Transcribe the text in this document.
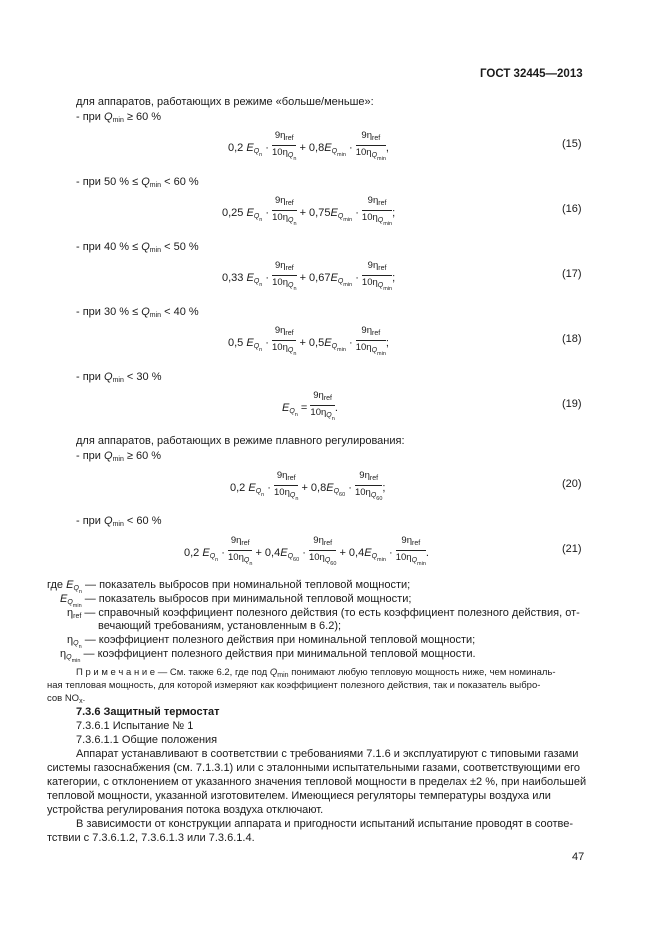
ГОСТ 32445—2013
для аппаратов, работающих в режиме «больше/меньше»:
- при $Q_{min} \ge 60$ %
0,2 $E_{Q_n} \cdot \frac{9\eta_{ref}}{10\eta_{Q_n}} + 0,8E_{Q_{min}} \cdot \frac{9\eta_{ref}}{10\eta_{Q_{min}}}$ ,	(15)
- при 50 % ≤ $Q_{min} < 60$ %
0,25 $E_{Q_n} \cdot \frac{9\eta_{ref}}{10\eta_{Q_n}} + 0,75E_{Q_{min}} \cdot \frac{9\eta_{ref}}{10\eta_{Q_{min}}}$ ;	(16)
- при 40 % ≤ $Q_{min} < 50$ %
0,33 $E_{Q_n} \cdot \frac{9\eta_{ref}}{10\eta_{Q_n}} + 0,67E_{Q_{min}} \cdot \frac{9\eta_{ref}}{10\eta_{Q_{min}}}$ ;	(17)
- при 30 % ≤ $Q_{min} < 40$ %
0,5 $E_{Q_n} \cdot \frac{9\eta_{ref}}{10\eta_{Q_n}} + 0,5E_{Q_{min}} \cdot \frac{9\eta_{ref}}{10\eta_{Q_{min}}}$ ;	(18)
- при $Q_{min} < 30$ %
$E_{Q_n} = \frac{9\eta_{ref}}{10\eta_{Q_n}}$ .	(19)
для аппаратов, работающих в режиме плавного регулирования:
- при $Q_{min} \ge 60$ %
0,2 $E_{Q_n} \cdot \frac{9\eta_{ref}}{10\eta_{Q_n}} + 0,8E_{Q_{60}} \cdot \frac{9\eta_{ref}}{10\eta_{Q_{60}}}$ ;	(20)
- при $Q_{min} < 60$ %
0,2 $E_{Q_n} \cdot \frac{9\eta_{ref}}{10\eta_{Q_n}} + 0,4E_{Q_{60}} \cdot \frac{9\eta_{ref}}{10\eta_{Q_{60}}} + 0,4E_{Q_{min}} \cdot \frac{9\eta_{ref}}{10\eta_{Q_{min}}}$ .	(21)
где $E_{Q_n}$ — показатель выбросов при номинальной тепловой мощности;
$E_{Q_{min}}$ — показатель выбросов при минимальной тепловой мощности;
$\eta_{ref}$ — справочный коэффициент полезного действия (то есть коэффициент полезного действия, от-
вечающий требованиям, установленным в 6.2);
$\eta_{Q_n}$ — коэффициент полезного действия при номинальной тепловой мощности;
$\eta_{Q_{min}}$ — коэффициент полезного действия при минимальной тепловой мощности.
П р и м е ч а н и е — См. также 6.2, где под $Q_{min}$ понимают любую тепловую мощность ниже, чем номиналь-
ная тепловая мощность, для которой измеряют как коэффициент полезного действия, так и показатель выбро-
сов $NO_x$.
7.3.6 Защитный термостат
7.3.6.1 Испытание № 1
7.3.6.1.1 Общие положения
Аппарат устанавливают в соответствии с требованиями 7.1.6 и эксплуатируют с типовыми газами
системы газоснабжения (см. 7.1.3.1) или с эталонными испытательными газами, соответствующими его
категории, с отклонением от указанного значения тепловой мощности в пределах ±2 %, при наибольшей
тепловой мощности, указанной изготовителем. Имеющиеся регуляторы температуры воздуха или
устройства регулирования потока воздуха отключают.
В зависимости от конструкции аппарата и пригодности испытаний испытание проводят в соотве-
тствии с 7.3.6.1.2, 7.3.6.1.3 или 7.3.6.1.4.
47
